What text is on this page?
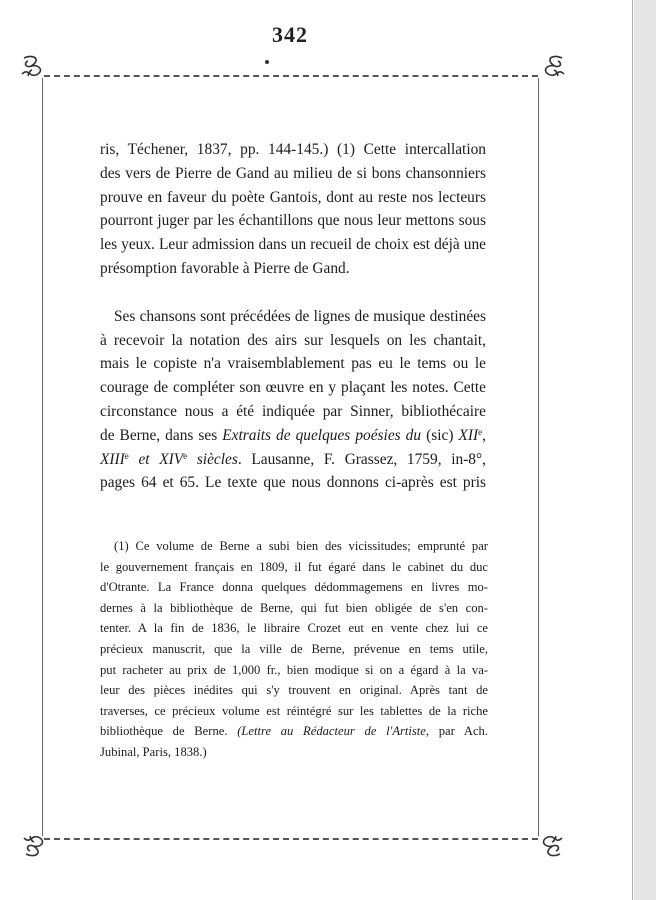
342
ris, Téchener, 1837, pp. 144-145.) (1) Cette intercallation
des vers de Pierre de Gand au milieu de si bons chansonniers
prouve en faveur du poète Gantois, dont au reste nos lecteurs
pourront juger par les échantillons que nous leur mettons sous
les yeux. Leur admission dans un recueil de choix est déjà une
présomption favorable à Pierre de Gand.
Ses chansons sont précédées de lignes de musique destinées
à recevoir la notation des airs sur lesquels on les chantait,
mais le copiste n'a vraisemblablement pas eu le tems ou le
courage de compléter son œuvre en y plaçant les notes. Cette
circonstance nous a été indiquée par Sinner, bibliothécaire
de Berne, dans ses Extraits de quelques poésies du (sic) XIIe,
XIIIe et XIVe siècles. Lausanne, F. Grassez, 1759, in-8°,
pages 64 et 65. Le texte que nous donnons ci-après est pris
(1) Ce volume de Berne a subi bien des vicissitudes; emprunté par
le gouvernement français en 1809, il fut égaré dans le cabinet du duc
d'Otrante. La France donna quelques dédommagemens en livres mo-
dernes à la bibliothèque de Berne, qui fut bien obligée de s'en con-
tenter. A la fin de 1836, le libraire Crozet eut en vente chez lui ce
précieux manuscrit, que la ville de Berne, prévenue en tems utile,
put racheter au prix de 1,000 fr., bien modique si on a égard à la va-
leur des pièces inédites qui s'y trouvent en original. Après tant de
traverses, ce précieux volume est réintégré sur les tablettes de la riche
bibliothèque de Berne. (Lettre au Rédacteur de l'Artiste, par Ach.
Jubinal, Paris, 1838.)
